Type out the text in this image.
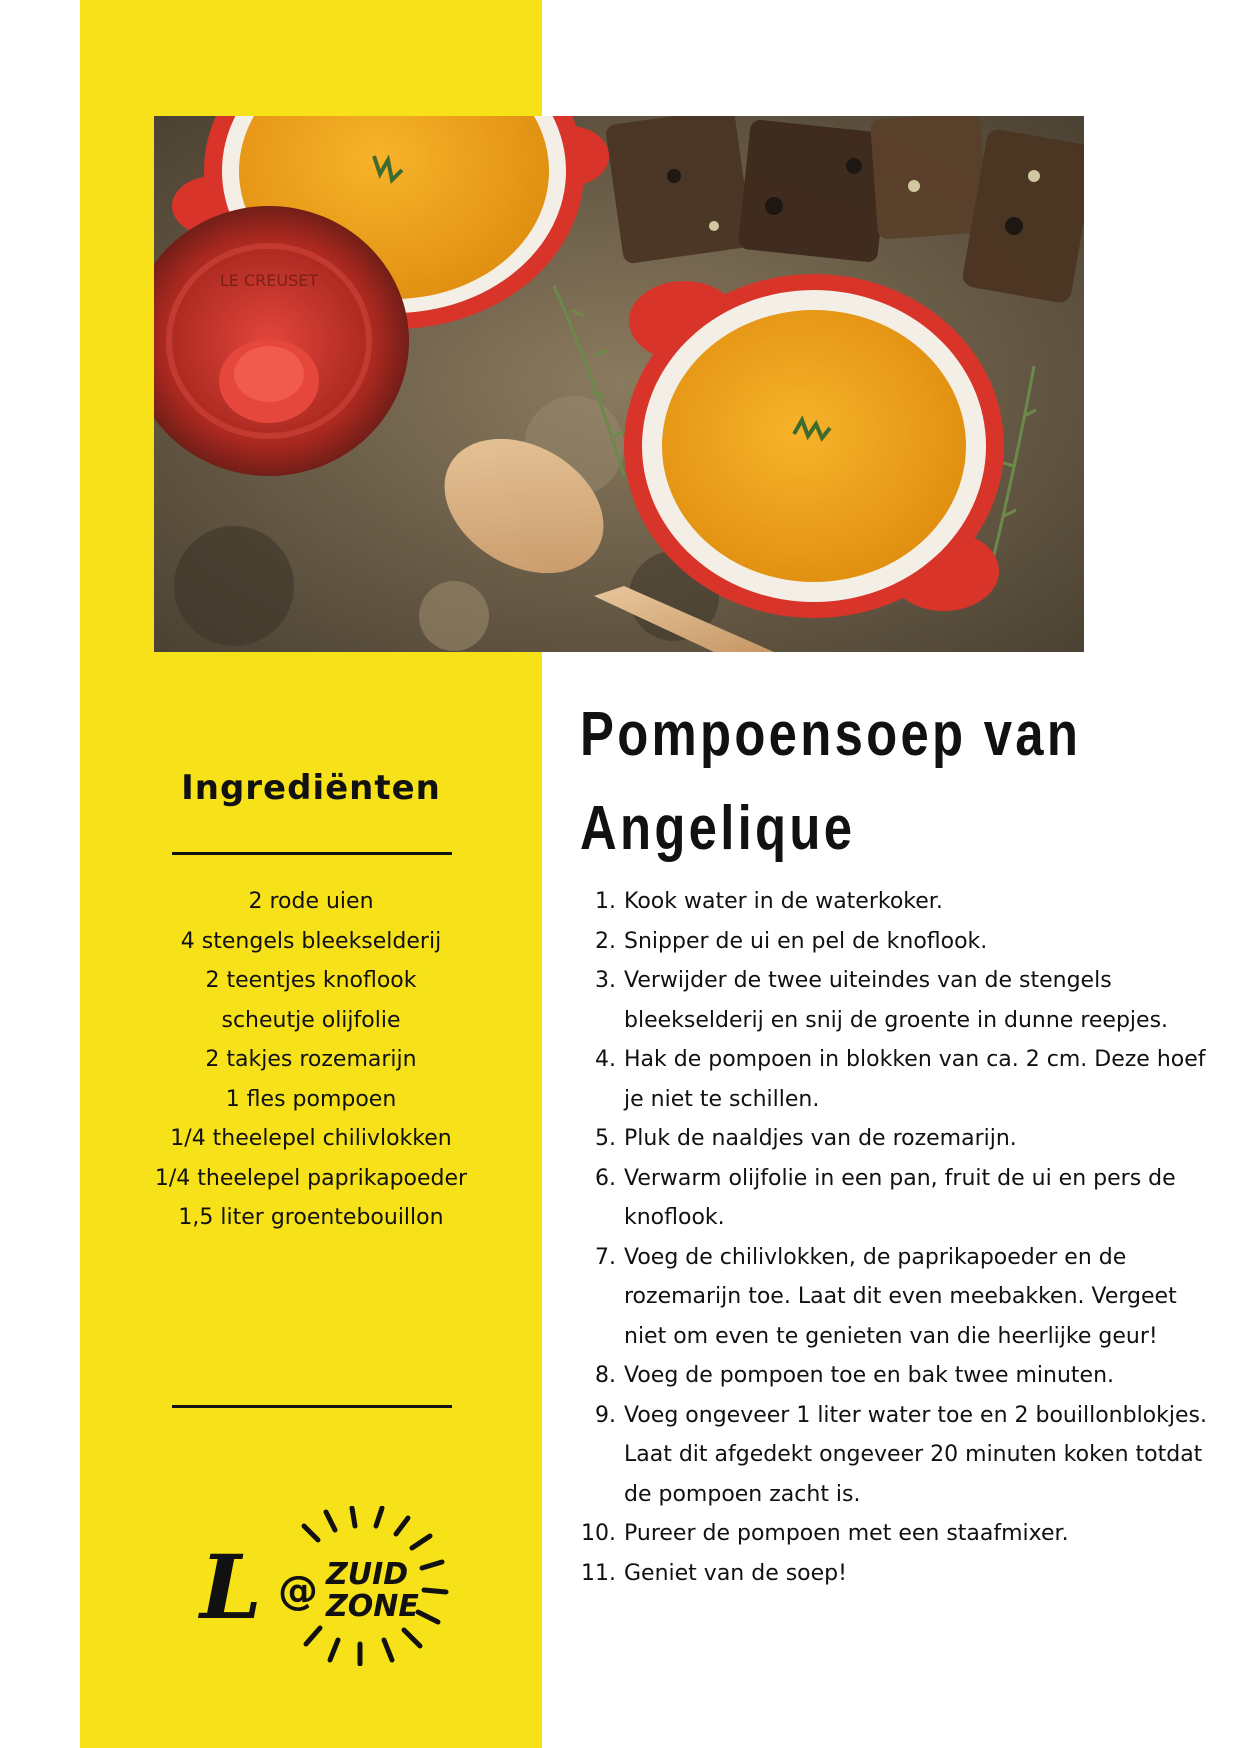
LE CREUSET
Ingrediënten
2 rode uien
4 stengels bleekselderij
2 teentjes knoflook
scheutje olijfolie
2 takjes rozemarijn
1 fles pompoen
1/4 theelepel chilivlokken
1/4 theelepel paprikapoeder
1,5 liter groentebouillon
Pompoensoep van Angelique
1. Kook water in de waterkoker.
2. Snipper de ui en pel de knoflook.
3. Verwijder de twee uiteindes van de stengels bleekselderij en snij de groente in dunne reepjes.
4. Hak de pompoen in blokken van ca. 2 cm. Deze hoef je niet te schillen.
5. Pluk de naaldjes van de rozemarijn.
6. Verwarm olijfolie in een pan, fruit de ui en pers de knoflook.
7. Voeg de chilivlokken, de paprikapoeder en de rozemarijn toe. Laat dit even meebakken. Vergeet niet om even te genieten van die heerlijke geur!
8. Voeg de pompoen toe en bak twee minuten.
9. Voeg ongeveer 1 liter water toe en 2 bouillonblokjes. Laat dit afgedekt ongeveer 20 minuten koken totdat de pompoen zacht is.
10. Pureer de pompoen met een staafmixer.
11. Geniet van de soep!
L @ ZUID
ZONE
